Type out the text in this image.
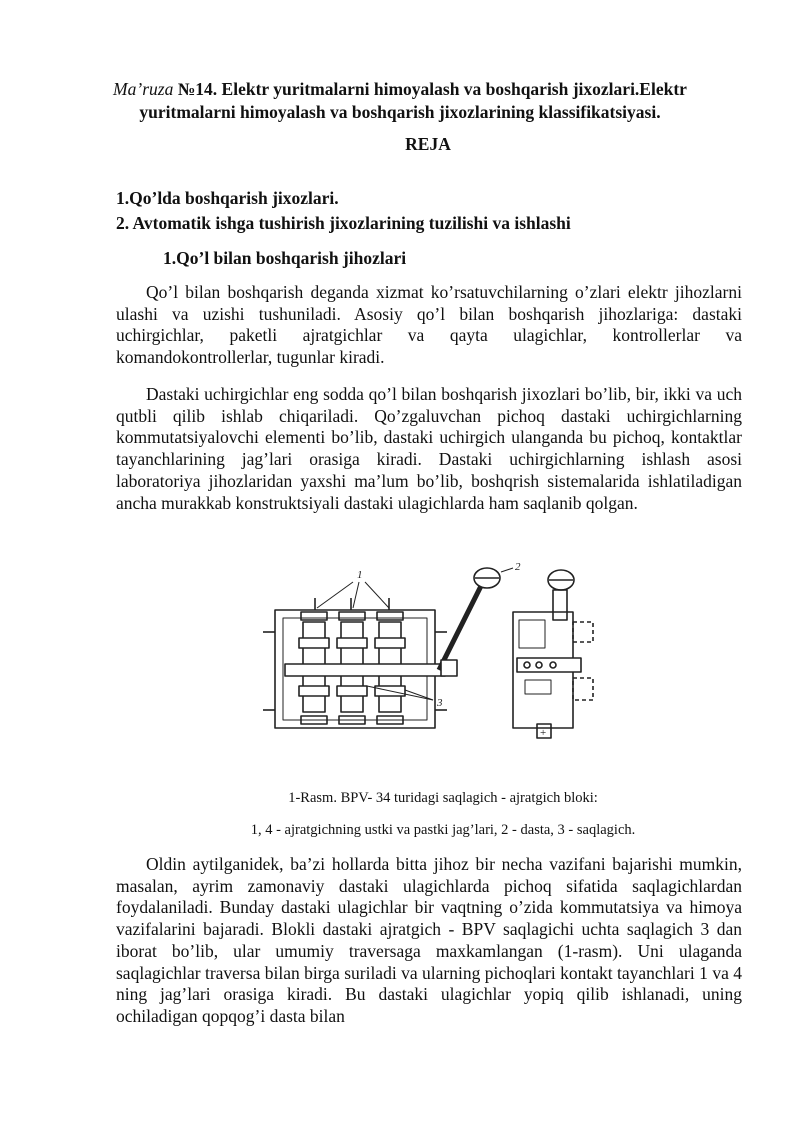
Ma’ruza №14. Elektr yuritmalarni himoyalash va boshqarish jixozlari.Elektr yuritmalarni himoyalash va boshqarish jixozlarining klassifikatsiyasi.
REJA
1.Qo’lda boshqarish jixozlari.
2. Avtomatik ishga tushirish jixozlarining tuzilishi va ishlashi
1.Qo’l bilan boshqarish jihozlari

Qo’l bilan boshqarish deganda xizmat ko’rsatuvchilarning o’zlari elektr jihozlarni ulashi va uzishi tushuniladi. Asosiy qo’l bilan boshqarish jihozlariga: dastaki uchirgichlar, paketli ajratgichlar va qayta ulagichlar, kontrollerlar va komandokontrollerlar, tugunlar kiradi.

Dastaki uchirgichlar eng sodda qo’l bilan boshqarish jixozlari bo’lib, bir, ikki va uch qutbli qilib ishlab chiqariladi. Qo’zgaluvchan pichoq dastaki uchirgichlarning kommutatsiyalovchi elementi bo’lib, dastaki uchirgich ulanganda bu pichoq, kontaktlar tayanchlarining jag’lari orasiga kiradi. Dastaki uchirgichlarning ishlash asosi laboratoriya jihozlaridan yaxshi ma’lum bo’lib, boshqrish sistemalarida ishlatiladigan ancha murakkab konstruktsiyali dastaki ulagichlarda ham saqlanib qolgan.

1
2
3
+
1-Rasm. BPV- 34 turidagi saqlagich - ajratgich bloki:
1, 4 - ajratgichning ustki va pastki jag’lari, 2 - dasta, 3 - saqlagich.

Oldin aytilganidek, ba’zi hollarda bitta jihoz bir necha vazifani bajarishi mumkin, masalan, ayrim zamonaviy dastaki ulagichlarda pichoq sifatida saqlagichlardan foydalaniladi. Bunday dastaki ulagichlar bir vaqtning o’zida kommutatsiya va himoya vazifalarini bajaradi. Blokli dastaki ajratgich - BPV saqlagichi uchta saqlagich 3 dan iborat bo’lib, ular umumiy traversaga maxkamlangan (1-rasm). Uni ulaganda saqlagichlar traversa bilan birga suriladi va ularning pichoqlari kontakt tayanchlari 1 va 4 ning jag’lari orasiga kiradi. Bu dastaki ulagichlar yopiq qilib ishlanadi, uning ochiladigan qopqog’i dasta bilan
